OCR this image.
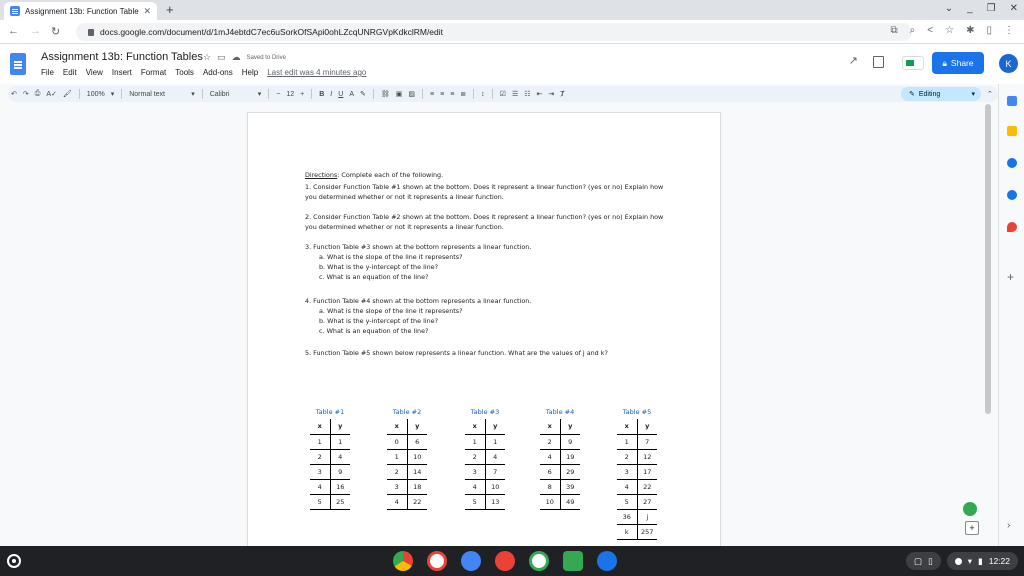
Assignment 13b: Function Table ✕ +	⌄ _ ❐ ✕
← → ↻	docs.google.com/document/d/1mJ4ebtdC7ec6uSorkOfSApi0ohLZcqUNRGVpKdkclRM/edit	⧉ ⌕ < ☆ ✱ ▯ ⋮
Assignment 13b: Function Tables ☆ ▭ ☁ Saved to Drive
File Edit View Insert Format Tools Add-ons Help Last edit was 4 minutes ago
↗	🔒︎ Share	K
↶ ↷ ⎙ A✓ 🖌︎	100% ▾	Normal text	▾	Calibri	▾	− 12 +	B I U A ✎	⛓ ▣ ▨	≡ ≡ ≡ ≣	↕	☑ ☰ ☷ ⇤ ⇥ Ⱦ	✎ Editing	▾	⌃

Directions: Complete each of the following.

1. Consider Function Table #1 shown at the bottom. Does it represent a linear function? (yes or no) Explain how you determined whether or not it represents a linear function.

2. Consider Function Table #2 shown at the bottom. Does it represent a linear function? (yes or no) Explain how you determined whether or not it represents a linear function.

3. Function Table #3 shown at the bottom represents a linear function.

a. What is the slope of the line it represents?

b. What is the y-intercept of the line?

c. What is an equation of the line?

4. Function Table #4 shown at the bottom represents a linear function.

a. What is the slope of the line it represents?

b. What is the y-intercept of the line?

c. What is an equation of the line?

5. Function Table #5 shown below represents a linear function. What are the values of j and k?

Table #1
x	y
1	1
2	4
3	9
4	16
5	25
Table #2
x	y
0	6
1	10
2	14
3	18
4	22
Table #3
x	y
1	1
2	4
3	7
4	10
5	13
Table #4
x	y
2	9
4	19
6	29
8	39
10	49
Table #5
x	y
1	7
2	12
3	17
4	22
5	27
36	j
k	257
+
›
+
▢ ▯	▾ ▮ 12:22
